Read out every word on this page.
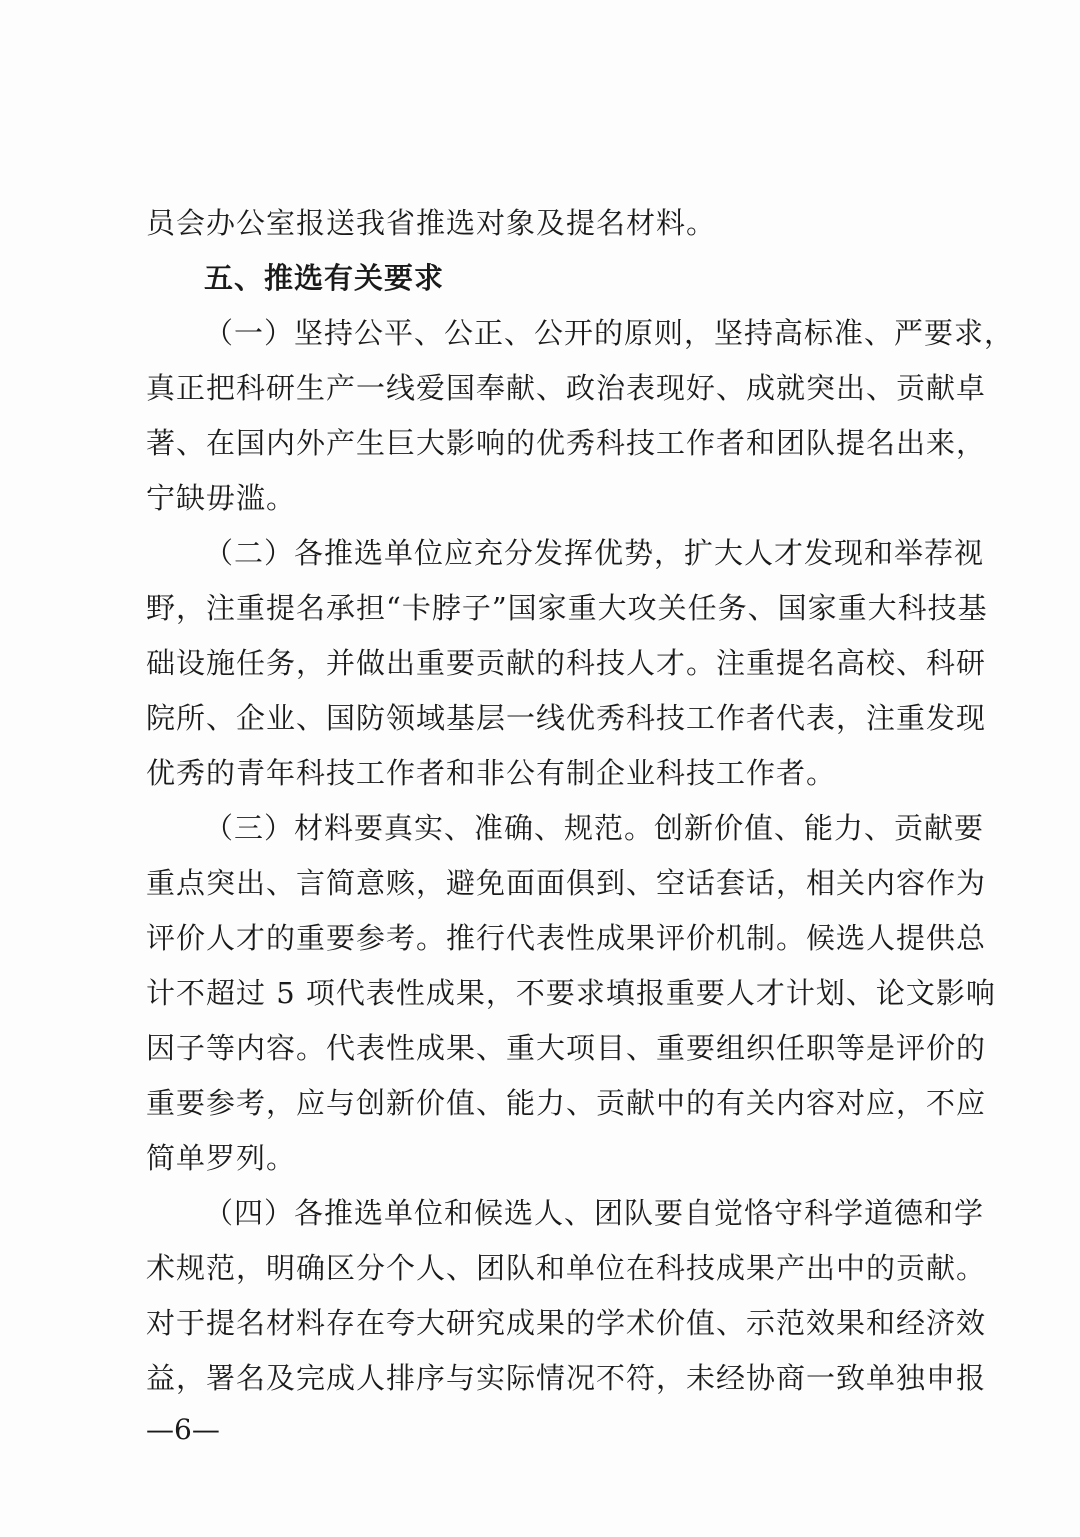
员会办公室报送我省推选对象及提名材料。
五、推选有关要求
（一）坚持公平、公正、公开的原则，坚持高标准、严要求，
真正把科研生产一线爱国奉献、政治表现好、成就突出、贡献卓
著、在国内外产生巨大影响的优秀科技工作者和团队提名出来，
宁缺毋滥。
（二）各推选单位应充分发挥优势，扩大人才发现和举荐视
野，注重提名承担“卡脖子”国家重大攻关任务、国家重大科技基
础设施任务，并做出重要贡献的科技人才。注重提名高校、科研
院所、企业、国防领域基层一线优秀科技工作者代表，注重发现
优秀的青年科技工作者和非公有制企业科技工作者。
（三）材料要真实、准确、规范。创新价值、能力、贡献要
重点突出、言简意赅，避免面面俱到、空话套话，相关内容作为
评价人才的重要参考。推行代表性成果评价机制。候选人提供总
计不超过 5 项代表性成果，不要求填报重要人才计划、论文影响
因子等内容。代表性成果、重大项目、重要组织任职等是评价的
重要参考，应与创新价值、能力、贡献中的有关内容对应，不应
简单罗列。
（四）各推选单位和候选人、团队要自觉恪守科学道德和学
术规范，明确区分个人、团队和单位在科技成果产出中的贡献。
对于提名材料存在夸大研究成果的学术价值、示范效果和经济效
益，署名及完成人排序与实际情况不符，未经协商一致单独申报
—6—
